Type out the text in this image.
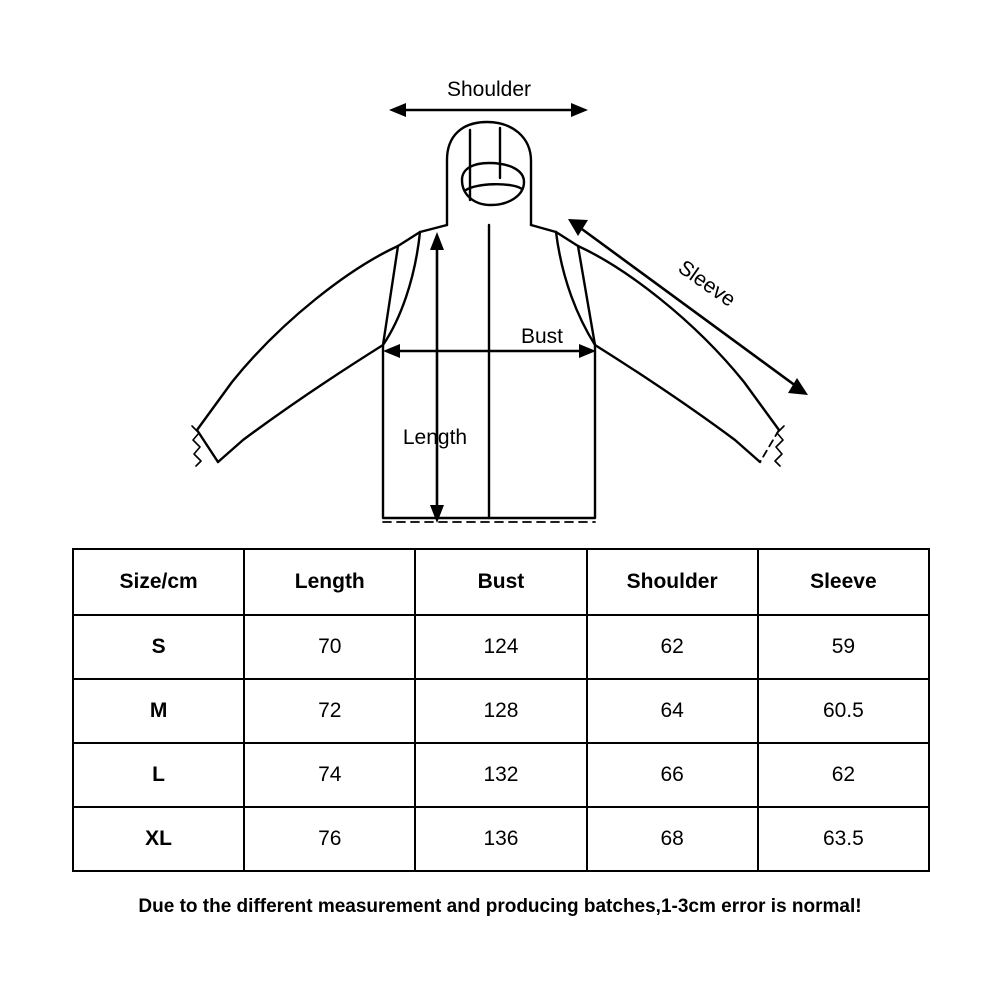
Shoulder
Bust
Length
Sleeve
Size/cm	Length	Bust	Shoulder	Sleeve
S	70	124	62	59
M	72	128	64	60.5
L	74	132	66	62
XL	76	136	68	63.5
Due to the different measurement and producing batches,1-3cm error is normal!
